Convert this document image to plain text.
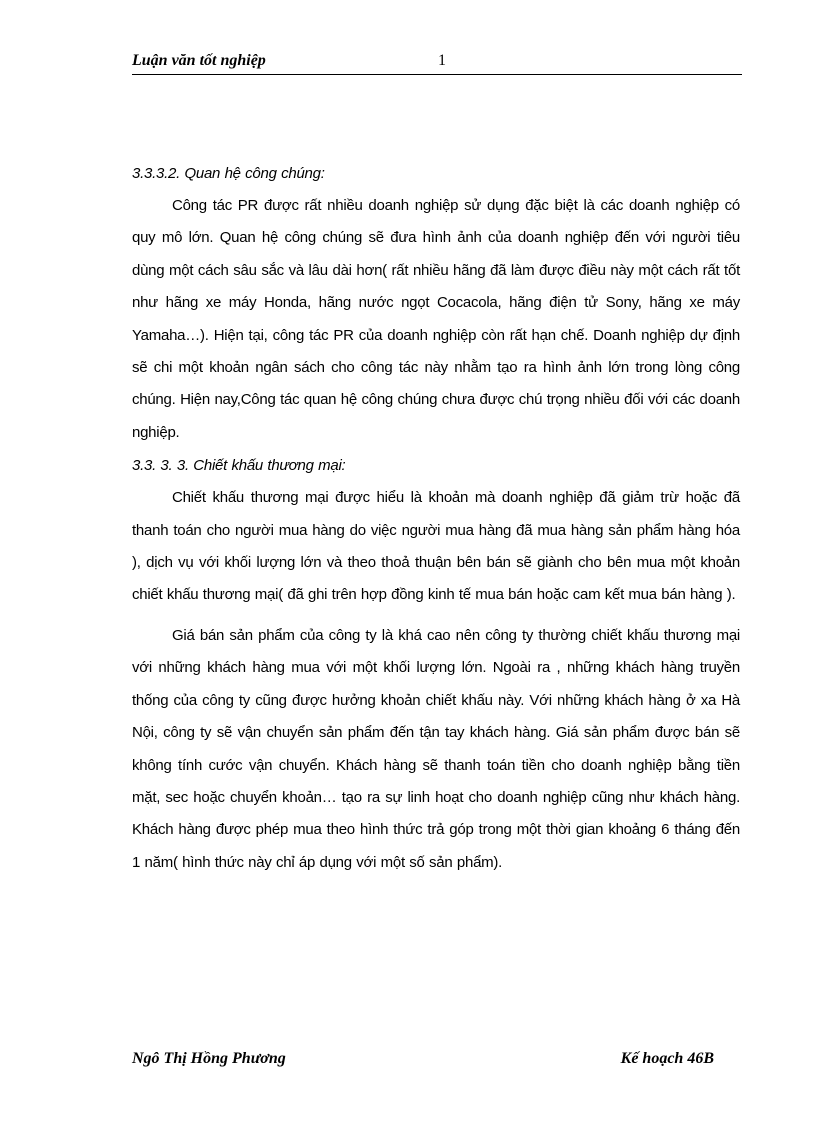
Luận văn tốt nghiệp	1

3.3.3.2. Quan hệ công chúng:

Công tác PR được rất nhiều doanh nghiệp sử dụng đặc biệt là các doanh nghiệp có quy mô lớn. Quan hệ công chúng sẽ đưa hình ảnh của doanh nghiệp đến với người tiêu dùng một cách sâu sắc và lâu dài hơn( rất nhiều hãng đã làm được điều này một cách rất tốt như hãng xe máy Honda, hãng nước ngọt Cocacola, hãng điện tử Sony, hãng xe máy Yamaha…). Hiện tại, công tác PR của doanh nghiệp còn rất hạn chế. Doanh nghiệp dự định sẽ chi một khoản ngân sách cho công tác này nhằm tạo ra hình ảnh lớn trong lòng công chúng. Hiện nay,Công tác quan hệ công chúng chưa được chú trọng nhiều đối với các doanh nghiệp.

3.3. 3. 3. Chiết khấu thương mại:

Chiết khấu thương mại được hiểu là khoản mà doanh nghiệp đã giảm trừ hoặc đã thanh toán cho người mua hàng do việc người mua hàng đã mua hàng sản phẩm hàng hóa ), dịch vụ với khối lượng lớn và theo thoả thuận bên bán sẽ giành cho bên mua một khoản chiết khấu thương mại( đã ghi trên hợp đồng kinh tế mua bán hoặc cam kết mua bán hàng ).

Giá bán sản phẩm của công ty là khá cao nên công ty thường chiết khấu thương mại với những khách hàng mua với một khối lượng lớn. Ngoài ra , những khách hàng truyền thống của công ty cũng được hưởng khoản chiết khấu này. Với những khách hàng ở xa Hà Nội, công ty sẽ vận chuyển sản phẩm đến tận tay khách hàng. Giá sản phẩm được bán sẽ không tính cước vận chuyển. Khách hàng sẽ thanh toán tiền cho doanh nghiệp bằng tiền mặt, sec hoặc chuyển khoản… tạo ra sự linh hoạt cho doanh nghiệp cũng như khách hàng. Khách hàng được phép mua theo hình thức trả góp trong một thời gian khoảng 6 tháng đến 1 năm( hình thức này chỉ áp dụng với một số sản phẩm).

Ngô Thị Hồng Phương	Kế hoạch 46B
